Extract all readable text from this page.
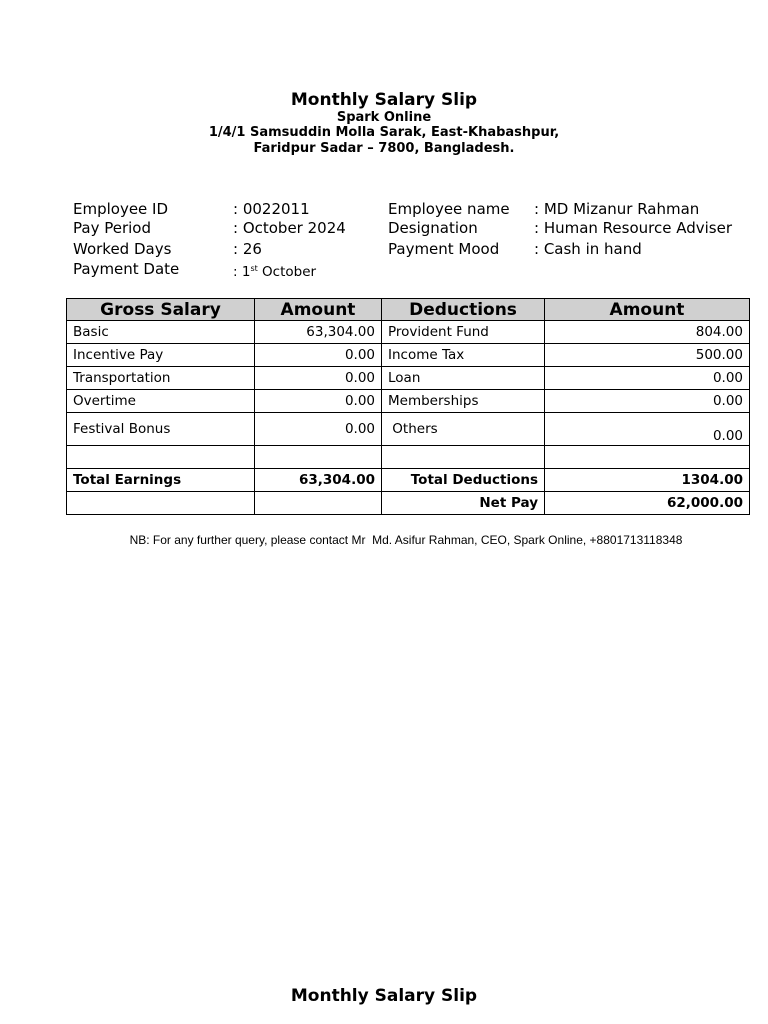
Monthly Salary Slip
Spark Online
1/4/1 Samsuddin Molla Sarak, East-Khabashpur,
Faridpur Sadar – 7800, Bangladesh.
Employee ID	: 0022011
Pay Period	: October 2024
Worked Days	: 26
Payment Date	: 1st October
Employee name : MD Mizanur Rahman
Designation	: Human Resource Adviser
Payment Mood : Cash in hand
Gross Salary	Amount	Deductions	Amount
Basic	63,304.00	Provident Fund	804.00
Incentive Pay	0.00	Income Tax	500.00
Transportation	0.00	Loan	0.00
Overtime	0.00	Memberships	0.00
Festival Bonus	0.00	Others	0.00

Total Earnings	63,304.00	Total Deductions	1304.00
		Net Pay	62,000.00
NB: For any further query, please contact Mr  Md. Asifur Rahman, CEO, Spark Online, +8801713118348
Monthly Salary Slip
